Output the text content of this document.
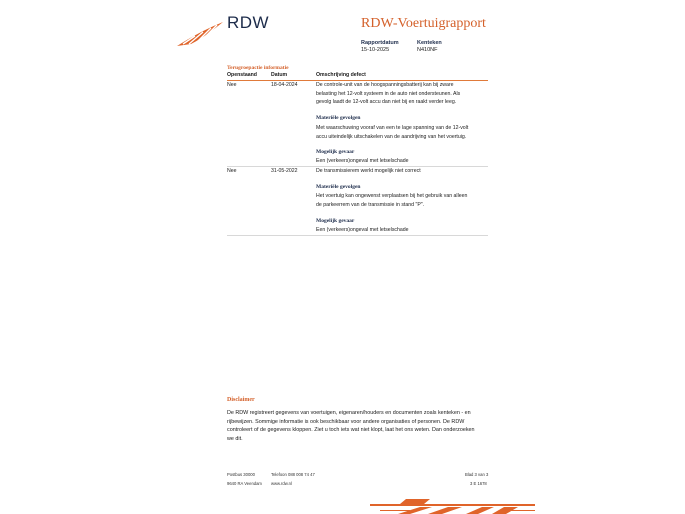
RDW	RDW-Voertuigrapport
Rapportdatum
15-10-2025
Kenteken
N410NF
Terugroepactie informatie
Openstaand	Datum	Omschrijving defect
Nee	18-04-2024	De controle-unit van de hoogspanningsbatterij kan bij zware
belasting het 12-volt systeem in de auto niet ondersteunen. Als
gevolg laadt de 12-volt accu dan niet bij en raakt verder leeg.
Materiële gevolgen
Met waarschuwing vooraf van een te lage spanning van de 12-volt
accu uiteindelijk uitschakelen van de aandrijving van het voertuig.
Mogelijk gevaar
Een (verkeers)ongeval met letselschade
Nee	31-05-2022	De transmissierem werkt mogelijk niet correct
Materiële gevolgen
Het voertuig kan ongewenst verplaatsen bij het gebruik van alleen
de parkeerrem van de transmissie in stand "P".
Mogelijk gevaar
Een (verkeers)ongeval met letselschade
Disclaimer
De RDW registreert gegevens van voertuigen, eigenaren/houders en documenten zoals kenteken - en
rijbewijzen. Sommige informatie is ook beschikbaar voor andere organisaties of personen. De RDW
controleert of de gegevens kloppen. Ziet u toch iets wat niet klopt, laat het ons weten. Dan onderzoeken
we dit.
Postbus 30000
9640 RA Veendam
Telefoon 088 008 74 47
www.rdw.nl
Blad 3 van 3
3 E 1678
